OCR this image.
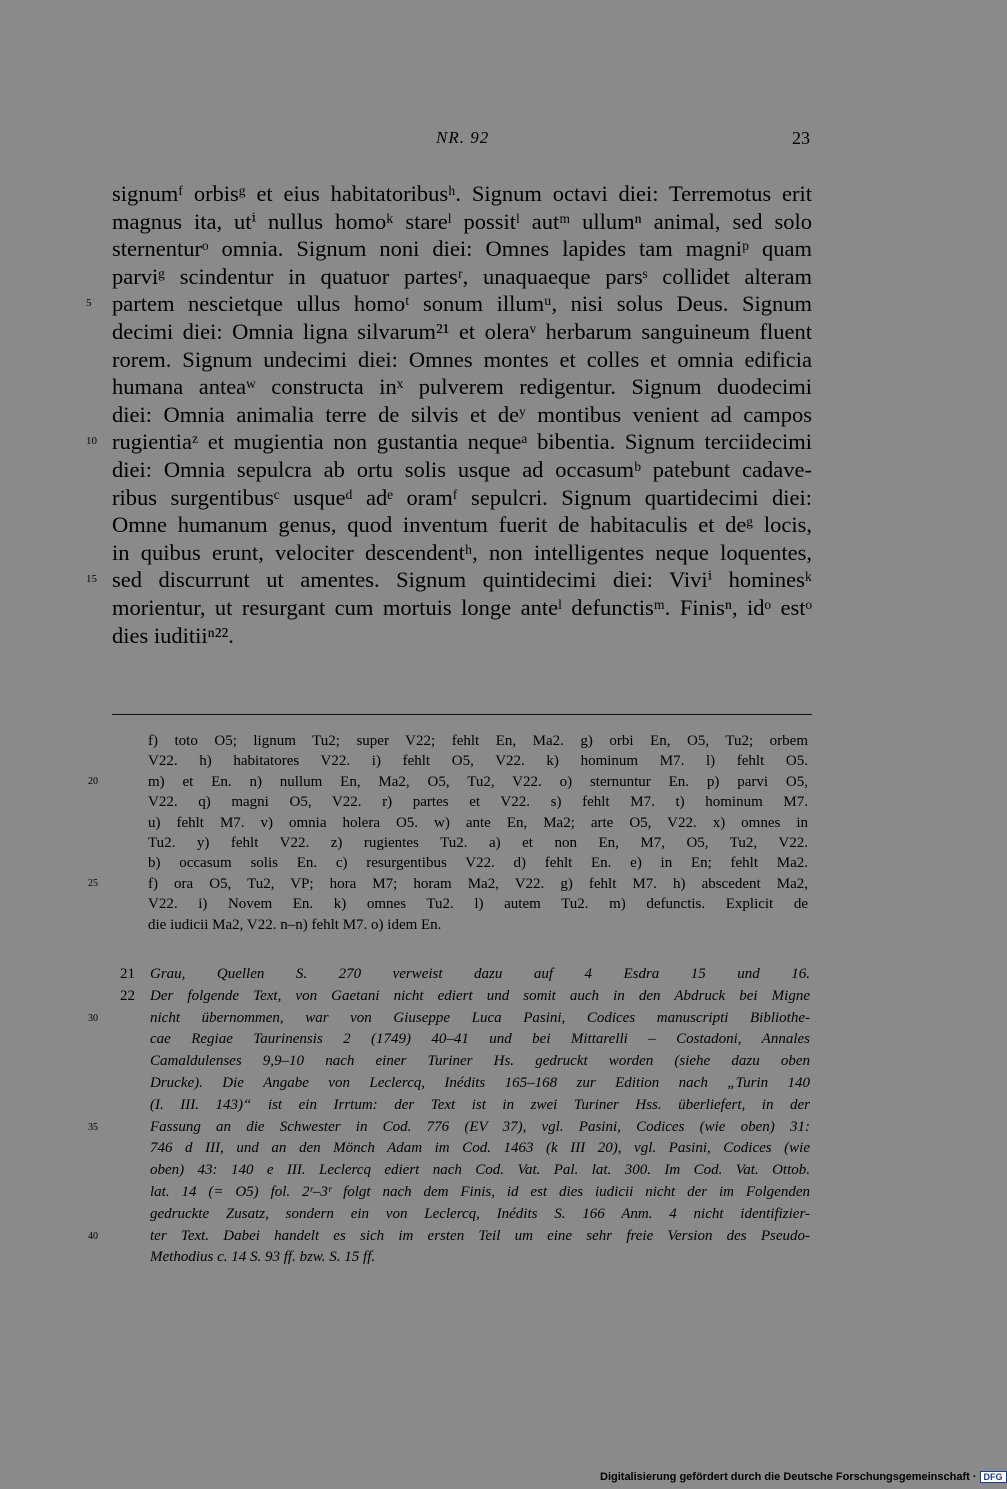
NR. 92	23
signumᶠ orbisᵍ et eius habitatoribusʰ. Signum octavi diei: Terremotus erit
magnus ita, utⁱ nullus homoᵏ stareˡ possitˡ autᵐ ullumⁿ animal, sed solo
sternenturᵒ omnia. Signum noni diei: Omnes lapides tam magniᵖ quam
parviᵍ scindentur in quatuor partesʳ, unaquaeque parsˢ collidet alteram
5 partem nescietque ullus homoᵗ sonum illumᵘ, nisi solus Deus. Signum
decimi diei: Omnia ligna silvarum²¹ et oleraᵛ herbarum sanguineum fluent
rorem. Signum undecimi diei: Omnes montes et colles et omnia edificia
humana anteaʷ constructa inˣ pulverem redigentur. Signum duodecimi
diei: Omnia animalia terre de silvis et deʸ montibus venient ad campos
10 rugientiaᶻ et mugientia non gustantia nequeᵃ bibentia. Signum terciidecimi
diei: Omnia sepulcra ab ortu solis usque ad occasumᵇ patebunt cadave-
ribus surgentibusᶜ usqueᵈ adᵉ oramᶠ sepulcri. Signum quartidecimi diei:
Omne humanum genus, quod inventum fuerit de habitaculis et deᵍ locis,
in quibus erunt, velociter descendentʰ, non intelligentes neque loquentes,
15 sed discurrunt ut amentes. Signum quintidecimi diei: Viviⁱ hominesᵏ
morientur, ut resurgant cum mortuis longe anteˡ defunctisᵐ. Finisⁿ, idᵒ estᵒ
dies iuditiiⁿ²².
f) toto O5; lignum Tu2; super V22; fehlt En, Ma2. g) orbi En, O5, Tu2; orbem
V22. h) habitatores V22. i) fehlt O5, V22. k) hominum M7. l) fehlt O5.
20	m) et En. n) nullum En, Ma2, O5, Tu2, V22. o) sternuntur En. p) parvi O5,
V22. q) magni O5, V22. r) partes et V22. s) fehlt M7. t) hominum M7.
u) fehlt M7. v) omnia holera O5. w) ante En, Ma2; arte O5, V22. x) omnes in
Tu2. y) fehlt V22. z) rugientes Tu2. a) et non En, M7, O5, Tu2, V22.
b) occasum solis En. c) resurgentibus V22. d) fehlt En. e) in En; fehlt Ma2.
25	f) ora O5, Tu2, VP; hora M7; horam Ma2, V22. g) fehlt M7. h) abscedent Ma2,
V22. i) Novem En. k) omnes Tu2. l) autem Tu2. m) defunctis. Explicit de
die iudicii Ma2, V22. n–n) fehlt M7. o) idem En.
21 Grau, Quellen S. 270 verweist dazu auf 4 Esdra 15 und 16.
22 Der folgende Text, von Gaetani nicht ediert und somit auch in den Abdruck bei Migne
30	nicht übernommen, war von Giuseppe Luca Pasini, Codices manuscripti Bibliothe-
cae Regiae Taurinensis 2 (1749) 40–41 und bei Mittarelli – Costadoni, Annales
Camaldulenses 9,9–10 nach einer Turiner Hs. gedruckt worden (siehe dazu oben
Drucke). Die Angabe von Leclercq, Inédits 165–168 zur Edition nach „Turin 140
(I. III. 143)“ ist ein Irrtum: der Text ist in zwei Turiner Hss. überliefert, in der
35	Fassung an die Schwester in Cod. 776 (EV 37), vgl. Pasini, Codices (wie oben) 31:
746 d III, und an den Mönch Adam im Cod. 1463 (k III 20), vgl. Pasini, Codices (wie
oben) 43: 140 e III. Leclercq ediert nach Cod. Vat. Pal. lat. 300. Im Cod. Vat. Ottob.
lat. 14 (= O5) fol. 2ʳ–3ʳ folgt nach dem Finis, id est dies iudicii nicht der im Folgenden
gedruckte Zusatz, sondern ein von Leclercq, Inédits S. 166 Anm. 4 nicht identifizier-
40	ter Text. Dabei handelt es sich im ersten Teil um eine sehr freie Version des Pseudo-
Methodius c. 14 S. 93 ff. bzw. S. 15 ff.
Digitalisierung gefördert durch die Deutsche Forschungsgemeinschaft · DFG
